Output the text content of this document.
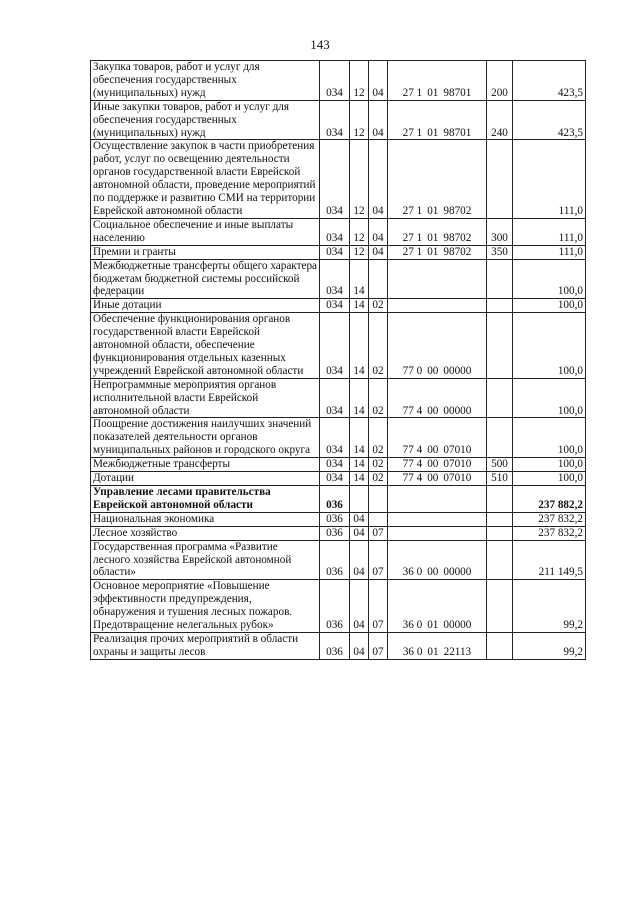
143
Закупка товаров, работ и услуг для обеспечения государственных (муниципальных) нужд	034	12	04	27 1 01 98701	200	423,5
Иные закупки товаров, работ и услуг для обеспечения государственных (муниципальных) нужд	034	12	04	27 1 01 98701	240	423,5
Осуществление закупок в части приобретения работ, услуг по освещению деятельности органов государственной власти Еврейской автономной области, проведение мероприятий по поддержке и развитию СМИ на территории Еврейской автономной области	034	12	04	27 1 01 98702		111,0
Социальное обеспечение и иные выплаты населению	034	12	04	27 1 01 98702	300	111,0
Премии и гранты	034	12	04	27 1 01 98702	350	111,0
Межбюджетные трансферты общего характера бюджетам бюджетной системы российской федерации	034	14				100,0
Иные дотации	034	14	02			100,0
Обеспечение функционирования органов государственной власти Еврейской автономной области, обеспечение функционирования отдельных казенных учреждений Еврейской автономной области	034	14	02	77 0 00 00000		100,0
Непрограммные мероприятия органов исполнительной власти Еврейской автономной области	034	14	02	77 4 00 00000		100,0
Поощрение достижения наилучших значений показателей деятельности органов муниципальных районов и городского округа	034	14	02	77 4 00 07010		100,0
Межбюджетные трансферты	034	14	02	77 4 00 07010	500	100,0
Дотации	034	14	02	77 4 00 07010	510	100,0
Управление лесами правительства Еврейской автономной области	036					237 882,2
Национальная экономика	036	04				237 832,2
Лесное хозяйство	036	04	07			237 832,2
Государственная программа «Развитие лесного хозяйства Еврейской автономной области»	036	04	07	36 0 00 00000		211 149,5
Основное мероприятие «Повышение эффективности предупреждения, обнаружения и тушения лесных пожаров. Предотвращение нелегальных рубок»	036	04	07	36 0 01 00000		99,2
Реализация прочих мероприятий в области охраны и защиты лесов	036	04	07	36 0 01 22113		99,2
